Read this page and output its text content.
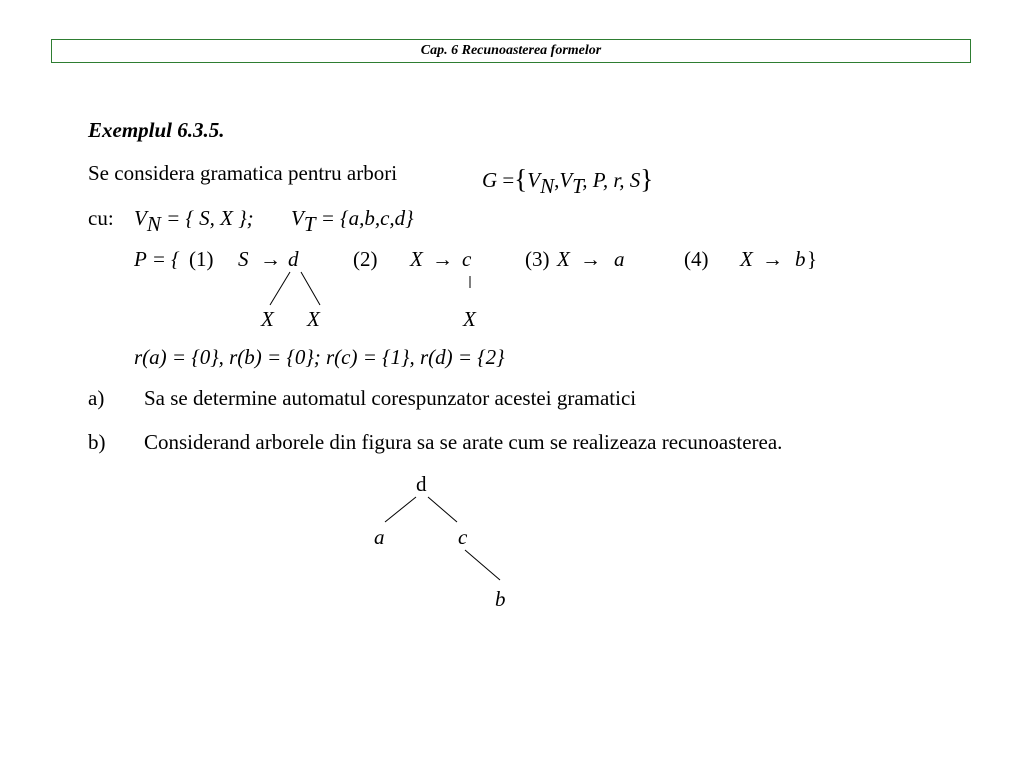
Cap. 6 Recunoasterea formelor
Exemplul 6.3.5.
Se considera gramatica pentru arbori	G ={VN,VT, P, r, S}
cu: VN = { S, X }; VT = {a,b,c,d}
P = { (1) S → d	(2) X → c	(3) X → a	(4) X → b }
X X	X
r(a) = {0}, r(b) = {0}; r(c) = {1}, r(d) = {2}
a) Sa se determine automatul corespunzator acestei gramatici
b) Considerand arborele din figura sa se arate cum se realizeaza recunoasterea.
d
a	c
b
